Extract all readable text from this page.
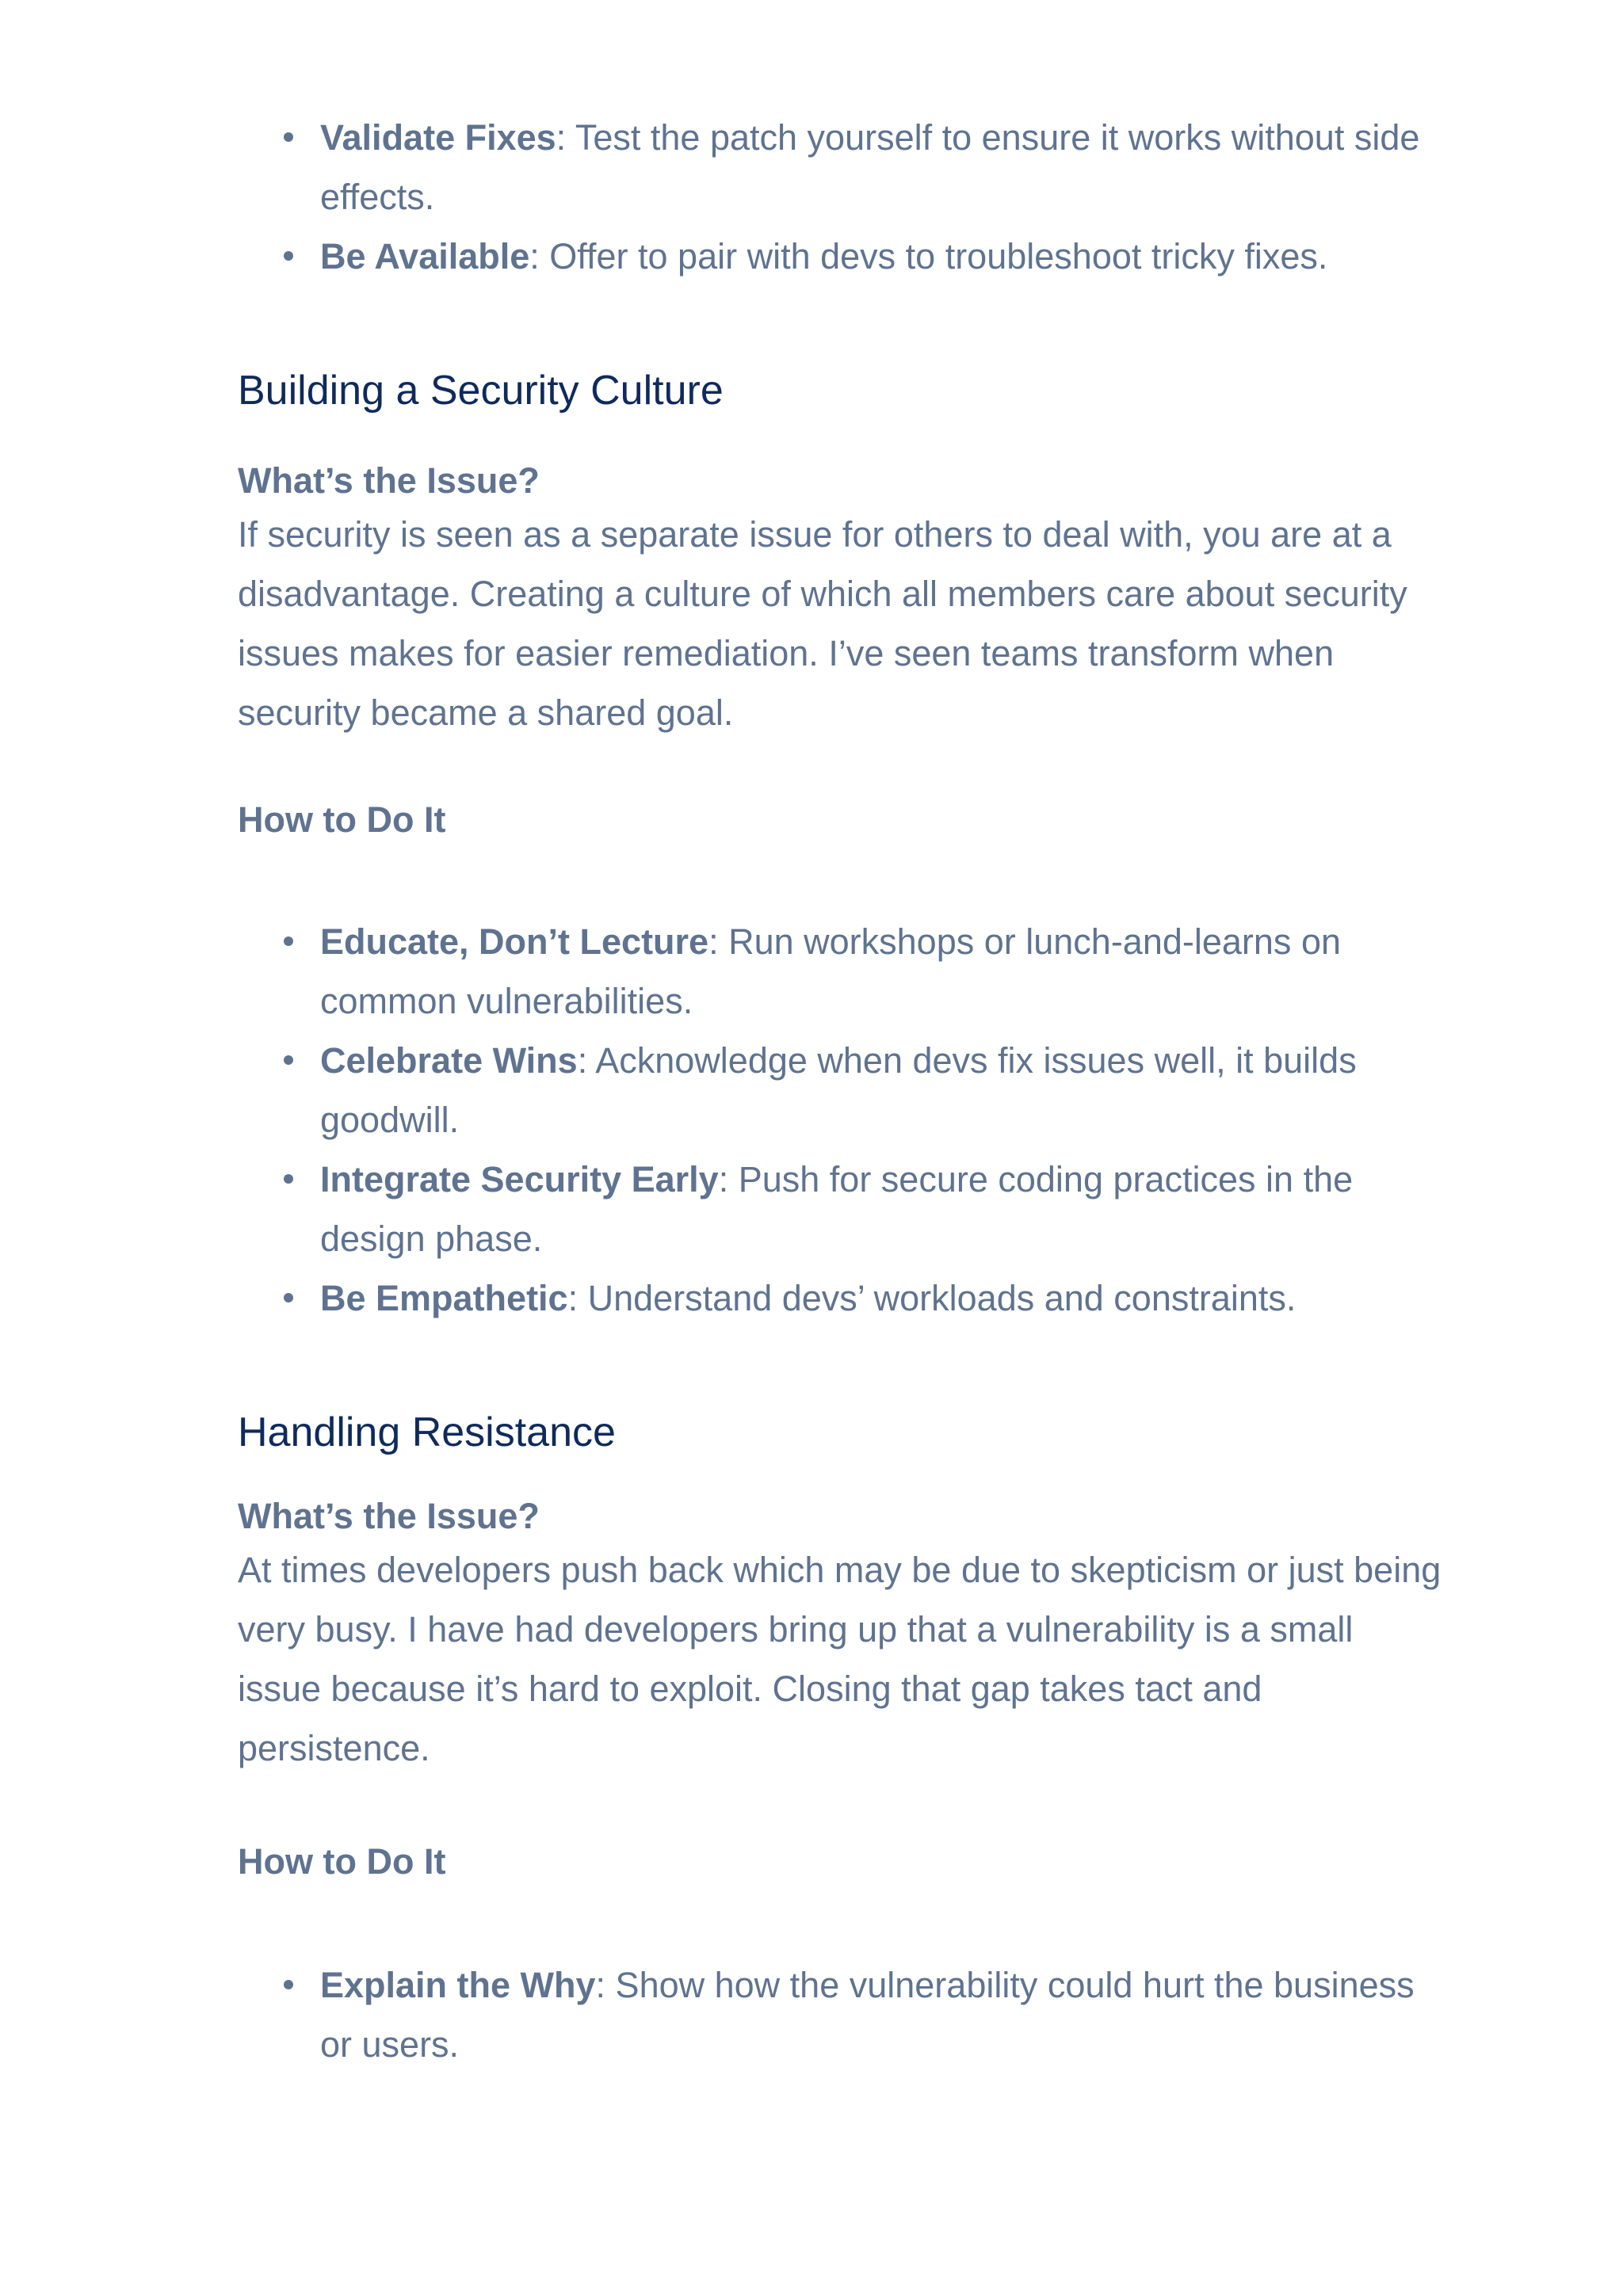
Validate Fixes: Test the patch yourself to ensure it works without side effects.
Be Available: Offer to pair with devs to troubleshoot tricky fixes.
Building a Security Culture
What’s the Issue?

If security is seen as a separate issue for others to deal with, you are at a disadvantage. Creating a culture of which all members care about security issues makes for easier remediation. I’ve seen teams transform when security became a shared goal.

How to Do It
Educate, Don’t Lecture: Run workshops or lunch-and-learns on common vulnerabilities.
Celebrate Wins: Acknowledge when devs fix issues well, it builds goodwill.
Integrate Security Early: Push for secure coding practices in the design phase.
Be Empathetic: Understand devs’ workloads and constraints.
Handling Resistance
What’s the Issue?

At times developers push back which may be due to skepticism or just being very busy. I have had developers bring up that a vulnerability is a small issue because it’s hard to exploit. Closing that gap takes tact and persistence.

How to Do It
Explain the Why: Show how the vulnerability could hurt the business or users.
